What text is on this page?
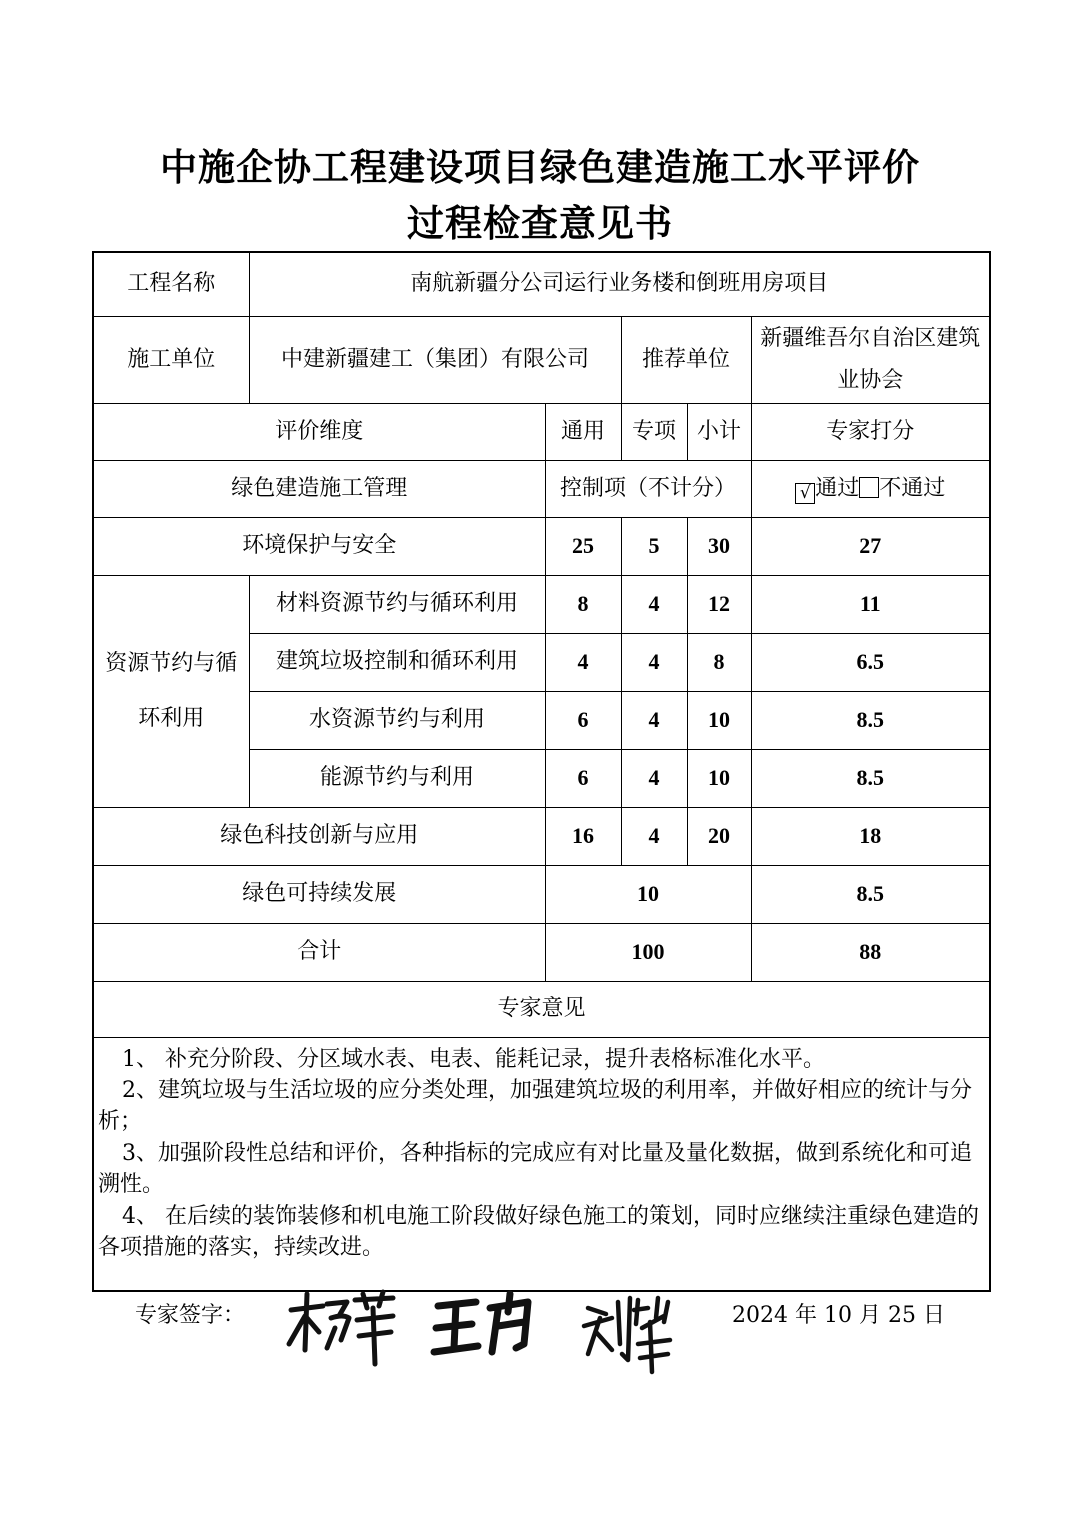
中施企协工程建设项目绿色建造施工水平评价
过程检查意见书
工程名称	南航新疆分公司运行业务楼和倒班用房项目				
施工单位	中建新疆建工（集团）有限公司		推荐单位		新疆维吾尔自治区建筑
业协会

评价维度		通用	专项	小计	专家打分
绿色建造施工管理		控制项（不计分）			√ 通过 不通过
环境保护与安全		25	5	30	27

资源节约与循
环利用	材料资源节约与循环利用	8	4	12	11
	建筑垃圾控制和循环利用	4	4	8	6.5
	水资源节约与利用	6	4	10	8.5
	能源节约与利用	6	4	10	8.5
绿色科技创新与应用		16	4	20	18
绿色可持续发展		10			8.5
合计		100			88
专家意见					

1、 补充分阶段、分区域水表、电表、能耗记录，提升表格标准化水平。

2、建筑垃圾与生活垃圾的应分类处理，加强建筑垃圾的利用率，并做好相应的统计与分析；

3、加强阶段性总结和评价，各种指标的完成应有对比量及量化数据，做到系统化和可追溯性。

4、 在后续的装饰装修和机电施工阶段做好绿色施工的策划，同时应继续注重绿色建造的各项措施的落实，持续改进。					

专家签字：	2024 年 10 月 25 日
